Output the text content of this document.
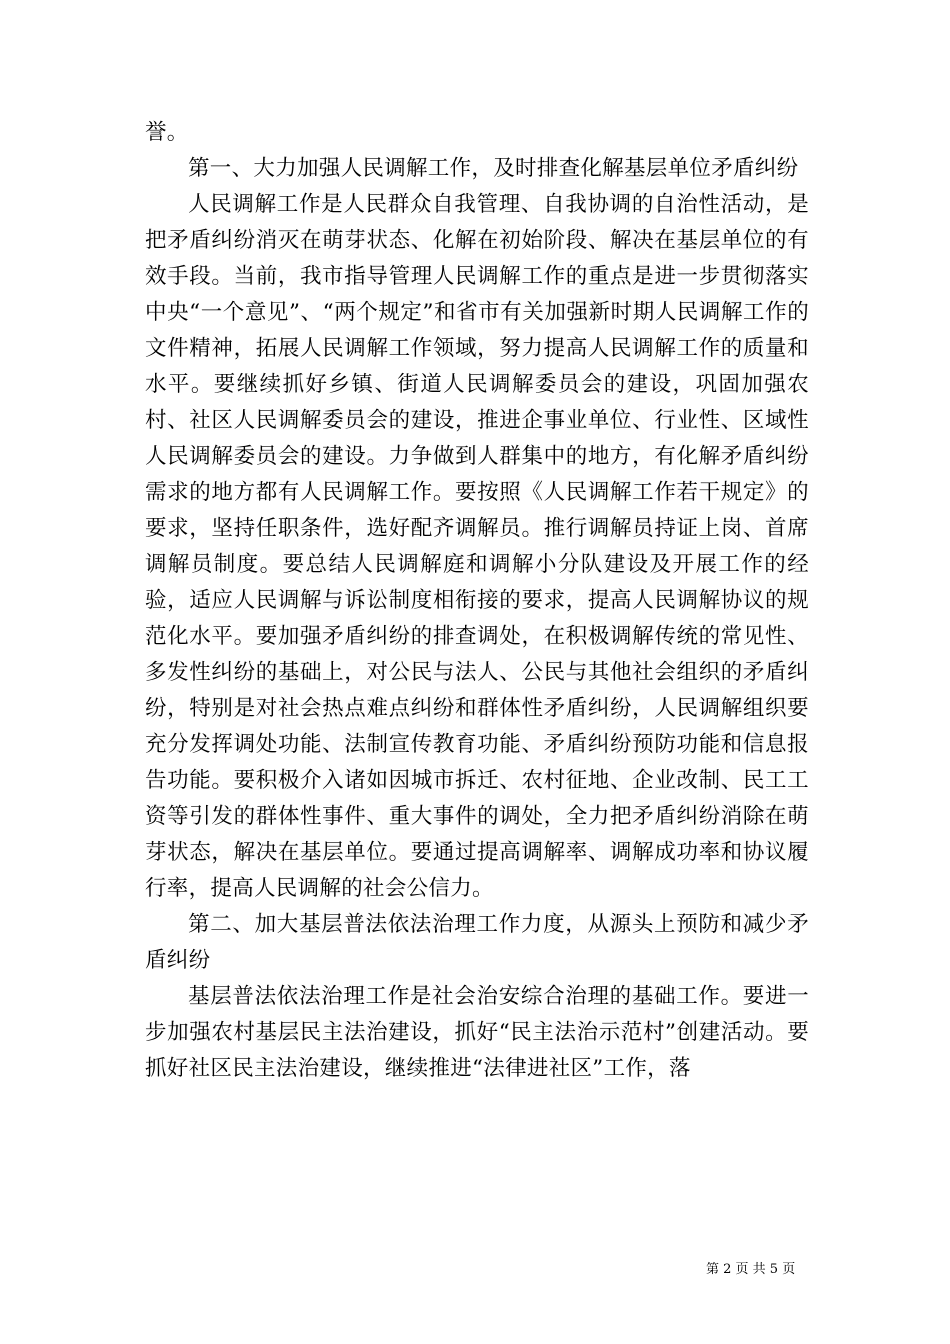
誉。

第一、大力加强人民调解工作，及时排查化解基层单位矛盾纠纷

人民调解工作是人民群众自我管理、自我协调的自治性活动，是把矛盾纠纷消灭在萌芽状态、化解在初始阶段、解决在基层单位的有效手段。当前，我市指导管理人民调解工作的重点是进一步贯彻落实中央“一个意见”、“两个规定”和省市有关加强新时期人民调解工作的文件精神，拓展人民调解工作领域，努力提高人民调解工作的质量和水平。要继续抓好乡镇、街道人民调解委员会的建设，巩固加强农村、社区人民调解委员会的建设，推进企事业单位、行业性、区域性人民调解委员会的建设。力争做到人群集中的地方，有化解矛盾纠纷需求的地方都有人民调解工作。要按照《人民调解工作若干规定》的要求，坚持任职条件，选好配齐调解员。推行调解员持证上岗、首席调解员制度。要总结人民调解庭和调解小分队建设及开展工作的经验，适应人民调解与诉讼制度相衔接的要求，提高人民调解协议的规范化水平。要加强矛盾纠纷的排查调处，在积极调解传统的常见性、多发性纠纷的基础上，对公民与法人、公民与其他社会组织的矛盾纠纷，特别是对社会热点难点纠纷和群体性矛盾纠纷，人民调解组织要充分发挥调处功能、法制宣传教育功能、矛盾纠纷预防功能和信息报告功能。要积极介入诸如因城市拆迁、农村征地、企业改制、民工工资等引发的群体性事件、重大事件的调处，全力把矛盾纠纷消除在萌芽状态，解决在基层单位。要通过提高调解率、调解成功率和协议履行率，提高人民调解的社会公信力。

第二、加大基层普法依法治理工作力度，从源头上预防和减少矛盾纠纷

基层普法依法治理工作是社会治安综合治理的基础工作。要进一步加强农村基层民主法治建设，抓好“民主法治示范村”创建活动。要抓好社区民主法治建设，继续推进“法律进社区”工作，落

第 2 页 共 5 页
